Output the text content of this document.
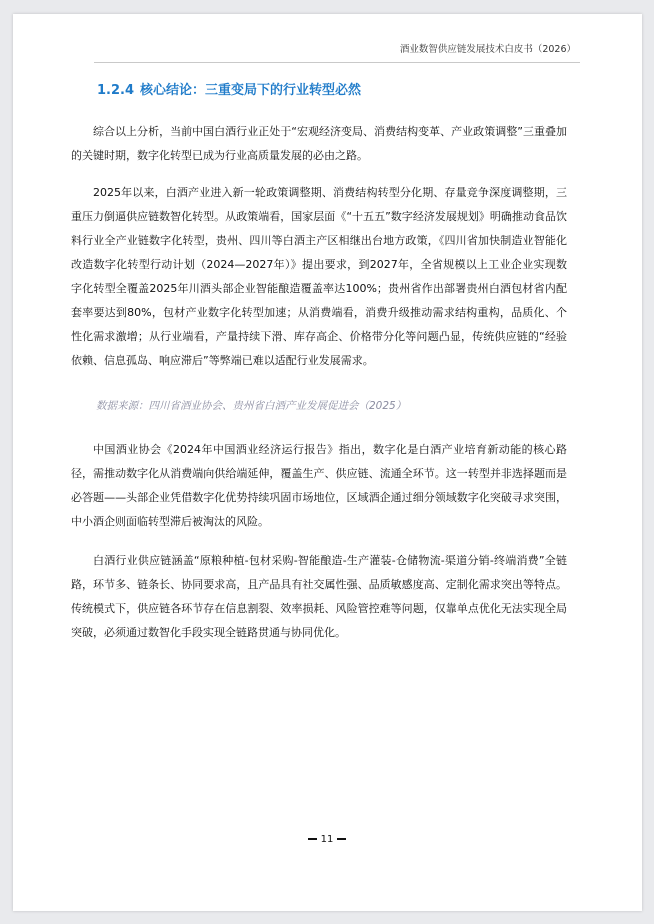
酒业数智供应链发展技术白皮书（2026）
1.2.4 核心结论：三重变局下的行业转型必然

综合以上分析，当前中国白酒行业正处于“宏观经济变局、消费结构变革、产业政策调整”三重叠加的关键时期，数字化转型已成为行业高质量发展的必由之路。

2025年以来，白酒产业进入新一轮政策调整期、消费结构转型分化期、存量竞争深度调整期，三重压力倒逼供应链数智化转型。从政策端看，国家层面《“十五五”数字经济发展规划》明确推动食品饮料行业全产业链数字化转型，贵州、四川等白酒主产区相继出台地方政策，《四川省加快制造业智能化改造数字化转型行动计划（2024—2027年）》提出要求，到2027年，全省规模以上工业企业实现数字化转型全覆盖2025年川酒头部企业智能酿造覆盖率达100%；贵州省作出部署贵州白酒包材省内配套率要达到80%，包材产业数字化转型加速；从消费端看，消费升级推动需求结构重构，品质化、个性化需求激增；从行业端看，产量持续下滑、库存高企、价格带分化等问题凸显，传统供应链的“经验依赖、信息孤岛、响应滞后”等弊端已难以适配行业发展需求。

数据来源：四川省酒业协会、贵州省白酒产业发展促进会（2025）

中国酒业协会《2024年中国酒业经济运行报告》指出，数字化是白酒产业培育新动能的核心路径，需推动数字化从消费端向供给端延伸，覆盖生产、供应链、流通全环节。这一转型并非选择题而是必答题——头部企业凭借数字化优势持续巩固市场地位，区域酒企通过细分领域数字化突破寻求突围，中小酒企则面临转型滞后被淘汰的风险。

白酒行业供应链涵盖“原粮种植-包材采购-智能酿造-生产灌装-仓储物流-渠道分销-终端消费”全链路，环节多、链条长、协同要求高，且产品具有社交属性强、品质敏感度高、定制化需求突出等特点。传统模式下，供应链各环节存在信息割裂、效率损耗、风险管控难等问题，仅靠单点优化无法实现全局突破，必须通过数智化手段实现全链路贯通与协同优化。

11
